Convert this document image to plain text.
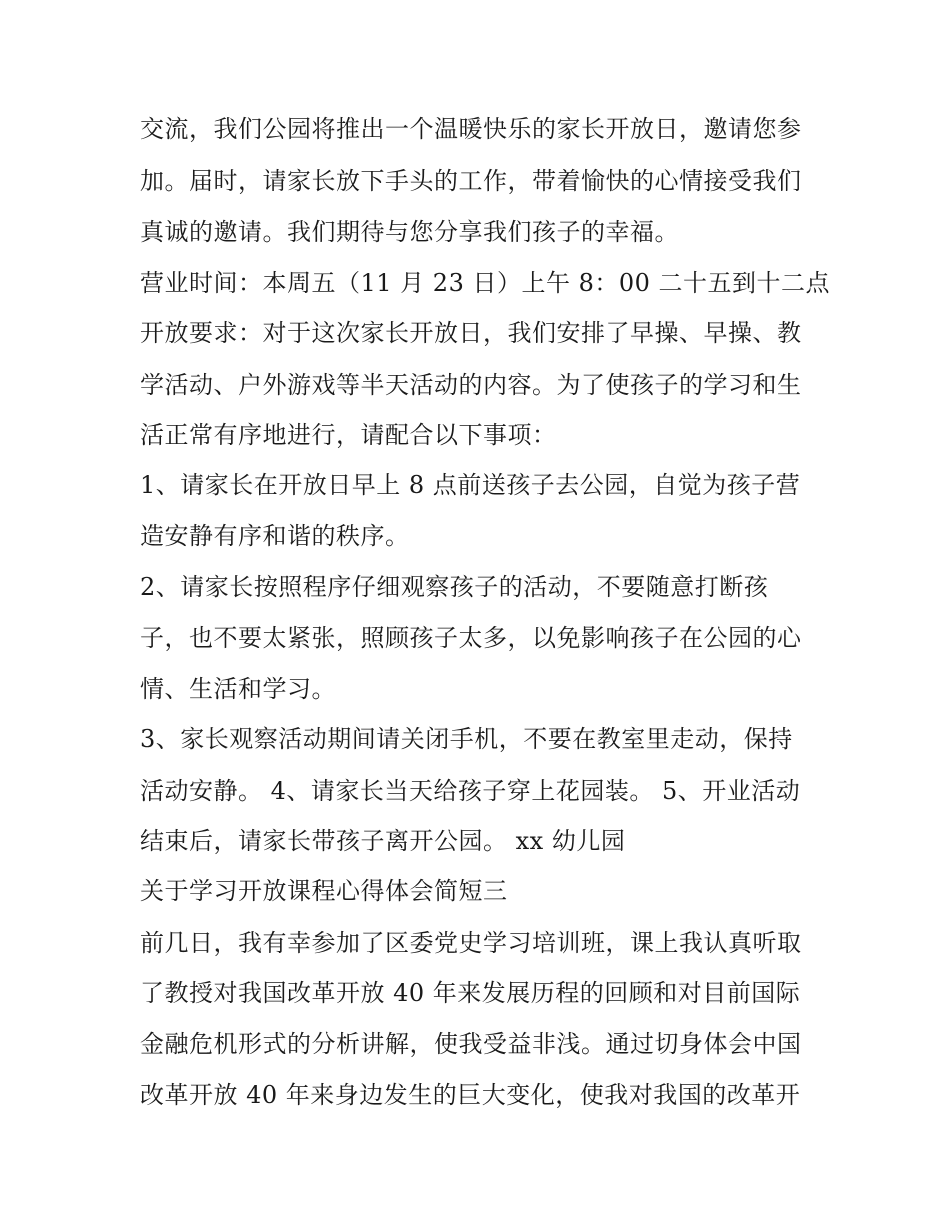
交流，我们公园将推出一个温暖快乐的家长开放日，邀请您参
加。届时，请家长放下手头的工作，带着愉快的心情接受我们
真诚的邀请。我们期待与您分享我们孩子的幸福。
营业时间：本周五（11 月 23 日）上午 8：00 二十五到十二点
开放要求：对于这次家长开放日，我们安排了早操、早操、教
学活动、户外游戏等半天活动的内容。为了使孩子的学习和生
活正常有序地进行，请配合以下事项：
1、请家长在开放日早上 8 点前送孩子去公园，自觉为孩子营
造安静有序和谐的秩序。
2、请家长按照程序仔细观察孩子的活动，不要随意打断孩
子，也不要太紧张，照顾孩子太多，以免影响孩子在公园的心
情、生活和学习。
3、家长观察活动期间请关闭手机，不要在教室里走动，保持
活动安静。 4、请家长当天给孩子穿上花园装。 5、开业活动
结束后，请家长带孩子离开公园。 xx 幼儿园
关于学习开放课程心得体会简短三
前几日，我有幸参加了区委党史学习培训班，课上我认真听取
了教授对我国改革开放 40 年来发展历程的回顾和对目前国际
金融危机形式的分析讲解，使我受益非浅。通过切身体会中国
改革开放 40 年来身边发生的巨大变化，使我对我国的改革开
